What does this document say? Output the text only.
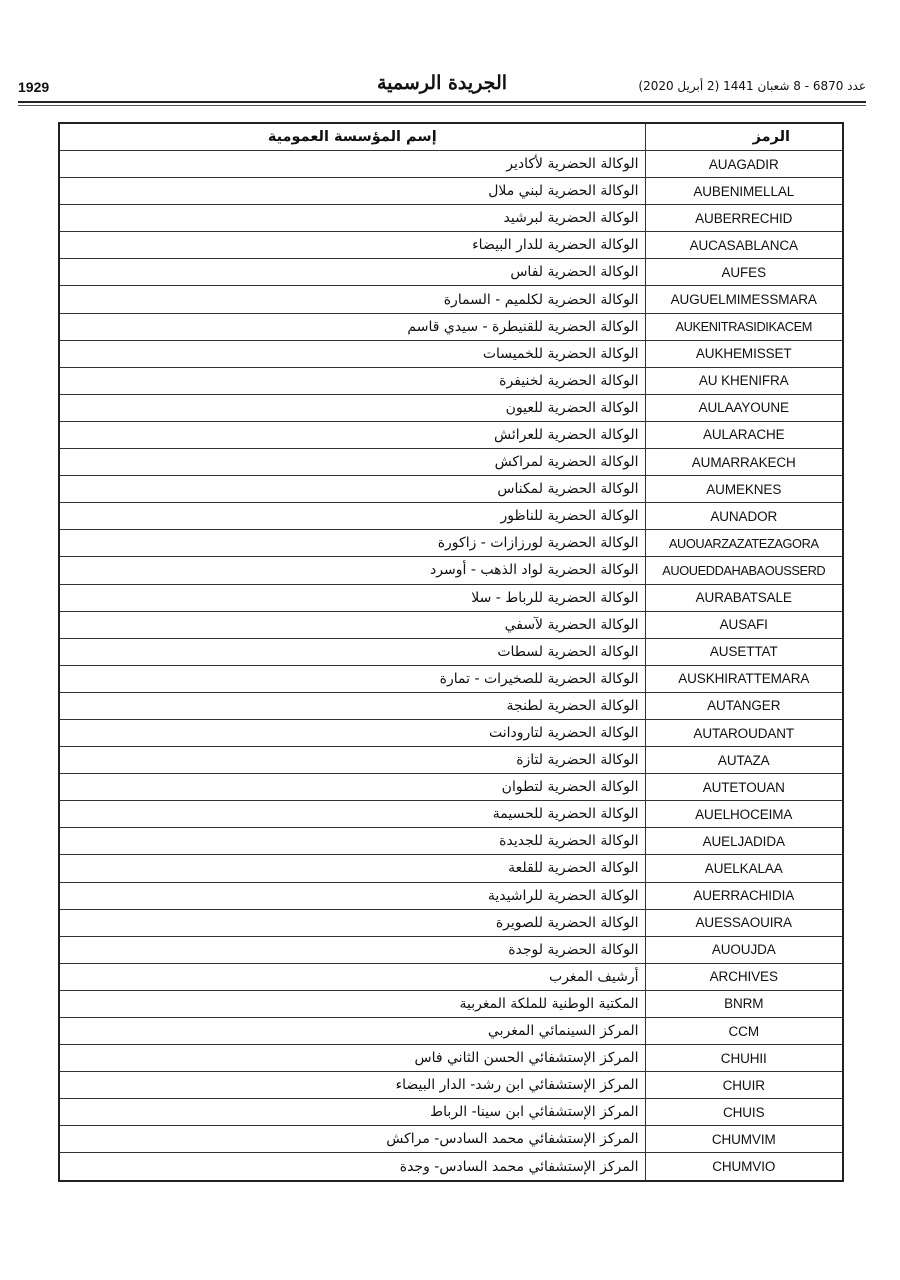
1929	الجريدة الرسمية	عدد 6870 - 8 شعبان 1441 (2 أبريل 2020)
إسم المؤسسة العمومية	الرمز
الوكالة الحضرية لأكادير	AUAGADIR
الوكالة الحضرية لبني ملال	AUBENIMELLAL
الوكالة الحضرية لبرشيد	AUBERRECHID
الوكالة الحضرية للدار البيضاء	AUCASABLANCA
الوكالة الحضرية لفاس	AUFES
الوكالة الحضرية لكلميم - السمارة	AUGUELMIMESSMARA
الوكالة الحضرية للقنيطرة - سيدي قاسم	AUKENITRASIDIKACEM
الوكالة الحضرية للخميسات	AUKHEMISSET
الوكالة الحضرية لخنيفرة	AU KHENIFRA
الوكالة الحضرية للعيون	AULAAYOUNE
الوكالة الحضرية للعرائش	AULARACHE
الوكالة الحضرية لمراكش	AUMARRAKECH
الوكالة الحضرية لمكناس	AUMEKNES
الوكالة الحضرية للناظور	AUNADOR
الوكالة الحضرية لورزازات - زاكورة	AUOUARZAZATEZAGORA
الوكالة الحضرية لواد الذهب - أوسرد	AUOUEDDAHABAOUSSERD
الوكالة الحضرية للرباط - سلا	AURABATSALE
الوكالة الحضرية لآسفي	AUSAFI
الوكالة الحضرية لسطات	AUSETTAT
الوكالة الحضرية للصخيرات - تمارة	AUSKHIRATTEMARA
الوكالة الحضرية لطنجة	AUTANGER
الوكالة الحضرية لتارودانت	AUTAROUDANT
الوكالة الحضرية لتازة	AUTAZA
الوكالة الحضرية لتطوان	AUTETOUAN
الوكالة الحضرية للحسيمة	AUELHOCEIMA
الوكالة الحضرية للجديدة	AUELJADIDA
الوكالة الحضرية للقلعة	AUELKALAA
الوكالة الحضرية للراشيدية	AUERRACHIDIA
الوكالة الحضرية للصويرة	AUESSAOUIRA
الوكالة الحضرية لوجدة	AUOUJDA
أرشيف المغرب	ARCHIVES
المكتبة الوطنية للملكة المغربية	BNRM
المركز السينمائي المغربي	CCM
المركز الإستشفائي الحسن الثاني فاس	CHUHII
المركز الإستشفائي ابن رشد- الدار البيضاء	CHUIR
المركز الإستشفائي ابن سينا- الرباط	CHUIS
المركز الإستشفائي محمد السادس- مراكش	CHUMVIM
المركز الإستشفائي محمد السادس- وجدة	CHUMVIO
